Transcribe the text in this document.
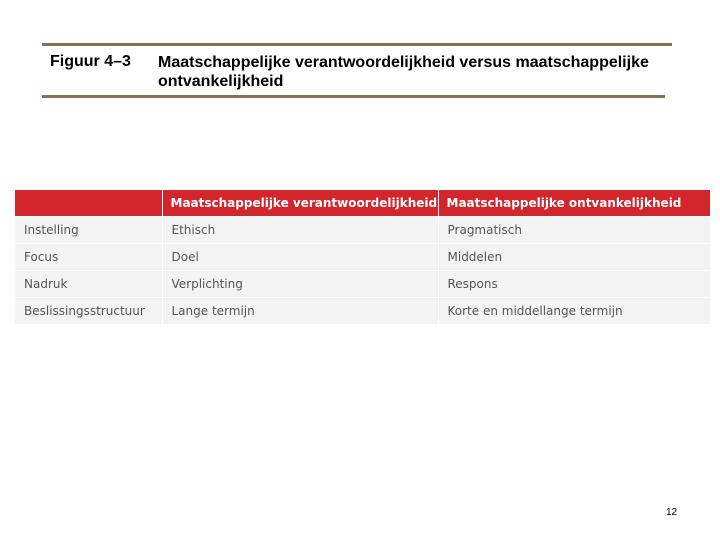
Figuur 4–3 Maatschappelijke verantwoordelijkheid versus maatschappelijke ontvankelijkheid
	Maatschappelijke verantwoordelijkheid	Maatschappelijke ontvankelijkheid
Instelling	Ethisch	Pragmatisch
Focus	Doel	Middelen
Nadruk	Verplichting	Respons
Beslissingsstructuur	Lange termijn	Korte en middellange termijn
12
